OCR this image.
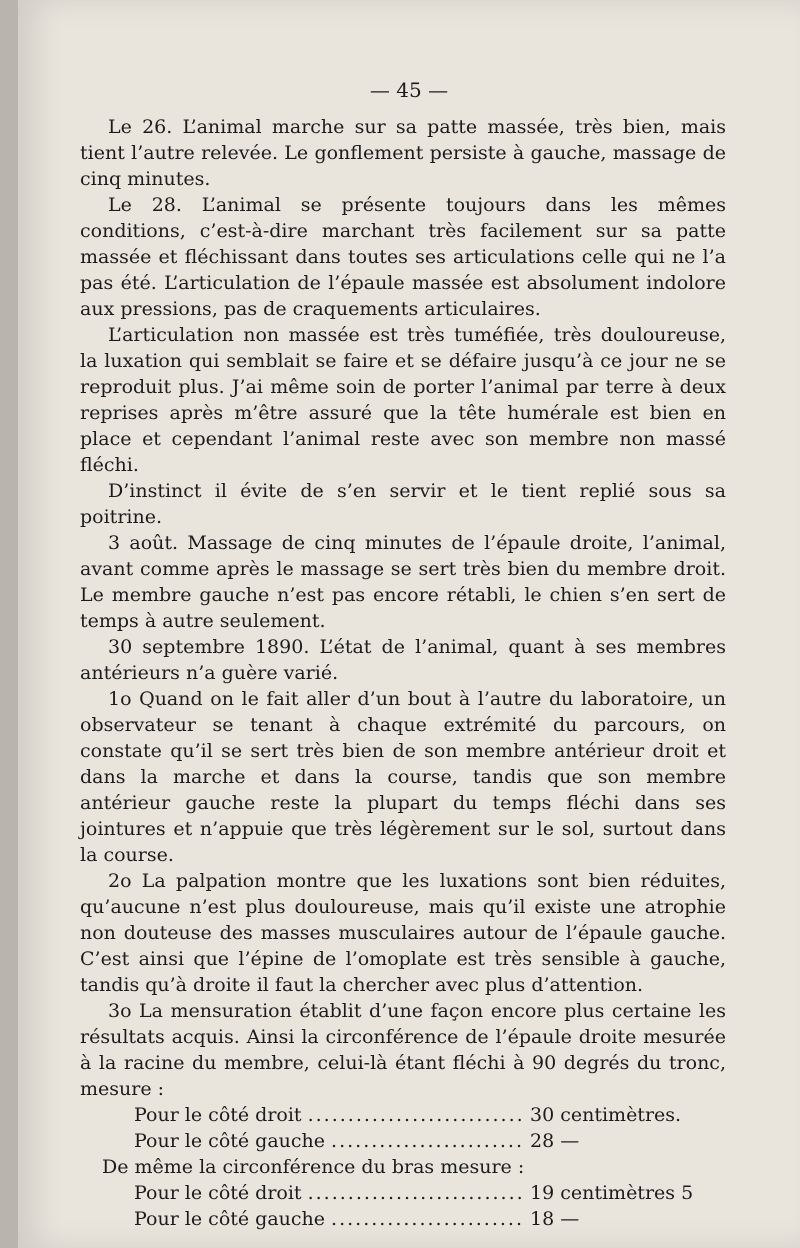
— 45 —

Le 26. L’animal marche sur sa patte massée, très bien, mais tient l’autre relevée. Le gonflement persiste à gauche, massage de cinq minutes.

Le 28. L’animal se présente toujours dans les mêmes conditions, c’est-à-dire marchant très facilement sur sa patte massée et fléchissant dans toutes ses articulations celle qui ne l’a pas été. L’articulation de l’épaule massée est absolument indolore aux pressions, pas de craquements articulaires.

L’articulation non massée est très tuméfiée, très douloureuse, la luxation qui semblait se faire et se défaire jusqu’à ce jour ne se reproduit plus. J’ai même soin de porter l’animal par terre à deux reprises après m’être assuré que la tête humérale est bien en place et cependant l’animal reste avec son membre non massé fléchi.

D’instinct il évite de s’en servir et le tient replié sous sa poitrine.

3 août. Massage de cinq minutes de l’épaule droite, l’animal, avant comme après le massage se sert très bien du membre droit. Le membre gauche n’est pas encore rétabli, le chien s’en sert de temps à autre seulement.

30 septembre 1890. L’état de l’animal, quant à ses membres antérieurs n’a guère varié.

1o Quand on le fait aller d’un bout à l’autre du laboratoire, un observateur se tenant à chaque extrémité du parcours, on constate qu’il se sert très bien de son membre antérieur droit et dans la marche et dans la course, tandis que son membre antérieur gauche reste la plupart du temps fléchi dans ses jointures et n’appuie que très légèrement sur le sol, surtout dans la course.

2o La palpation montre que les luxations sont bien réduites, qu’aucune n’est plus douloureuse, mais qu’il existe une atrophie non douteuse des masses musculaires autour de l’épaule gauche. C’est ainsi que l’épine de l’omoplate est très sensible à gauche, tandis qu’à droite il faut la chercher avec plus d’attention.

3o La mensuration établit d’une façon encore plus certaine les résultats acquis. Ainsi la circonférence de l’épaule droite mesurée à la racine du membre, celui-là étant fléchi à 90 degrés du tronc, mesure :

Pour le côté droit .....	30 centimètres.
Pour le côté gauche .....	28 —
De même la circonférence du bras mesure :
Pour le côté droit .....	19 centimètres 5
Pour le côté gauche .....	18 —
